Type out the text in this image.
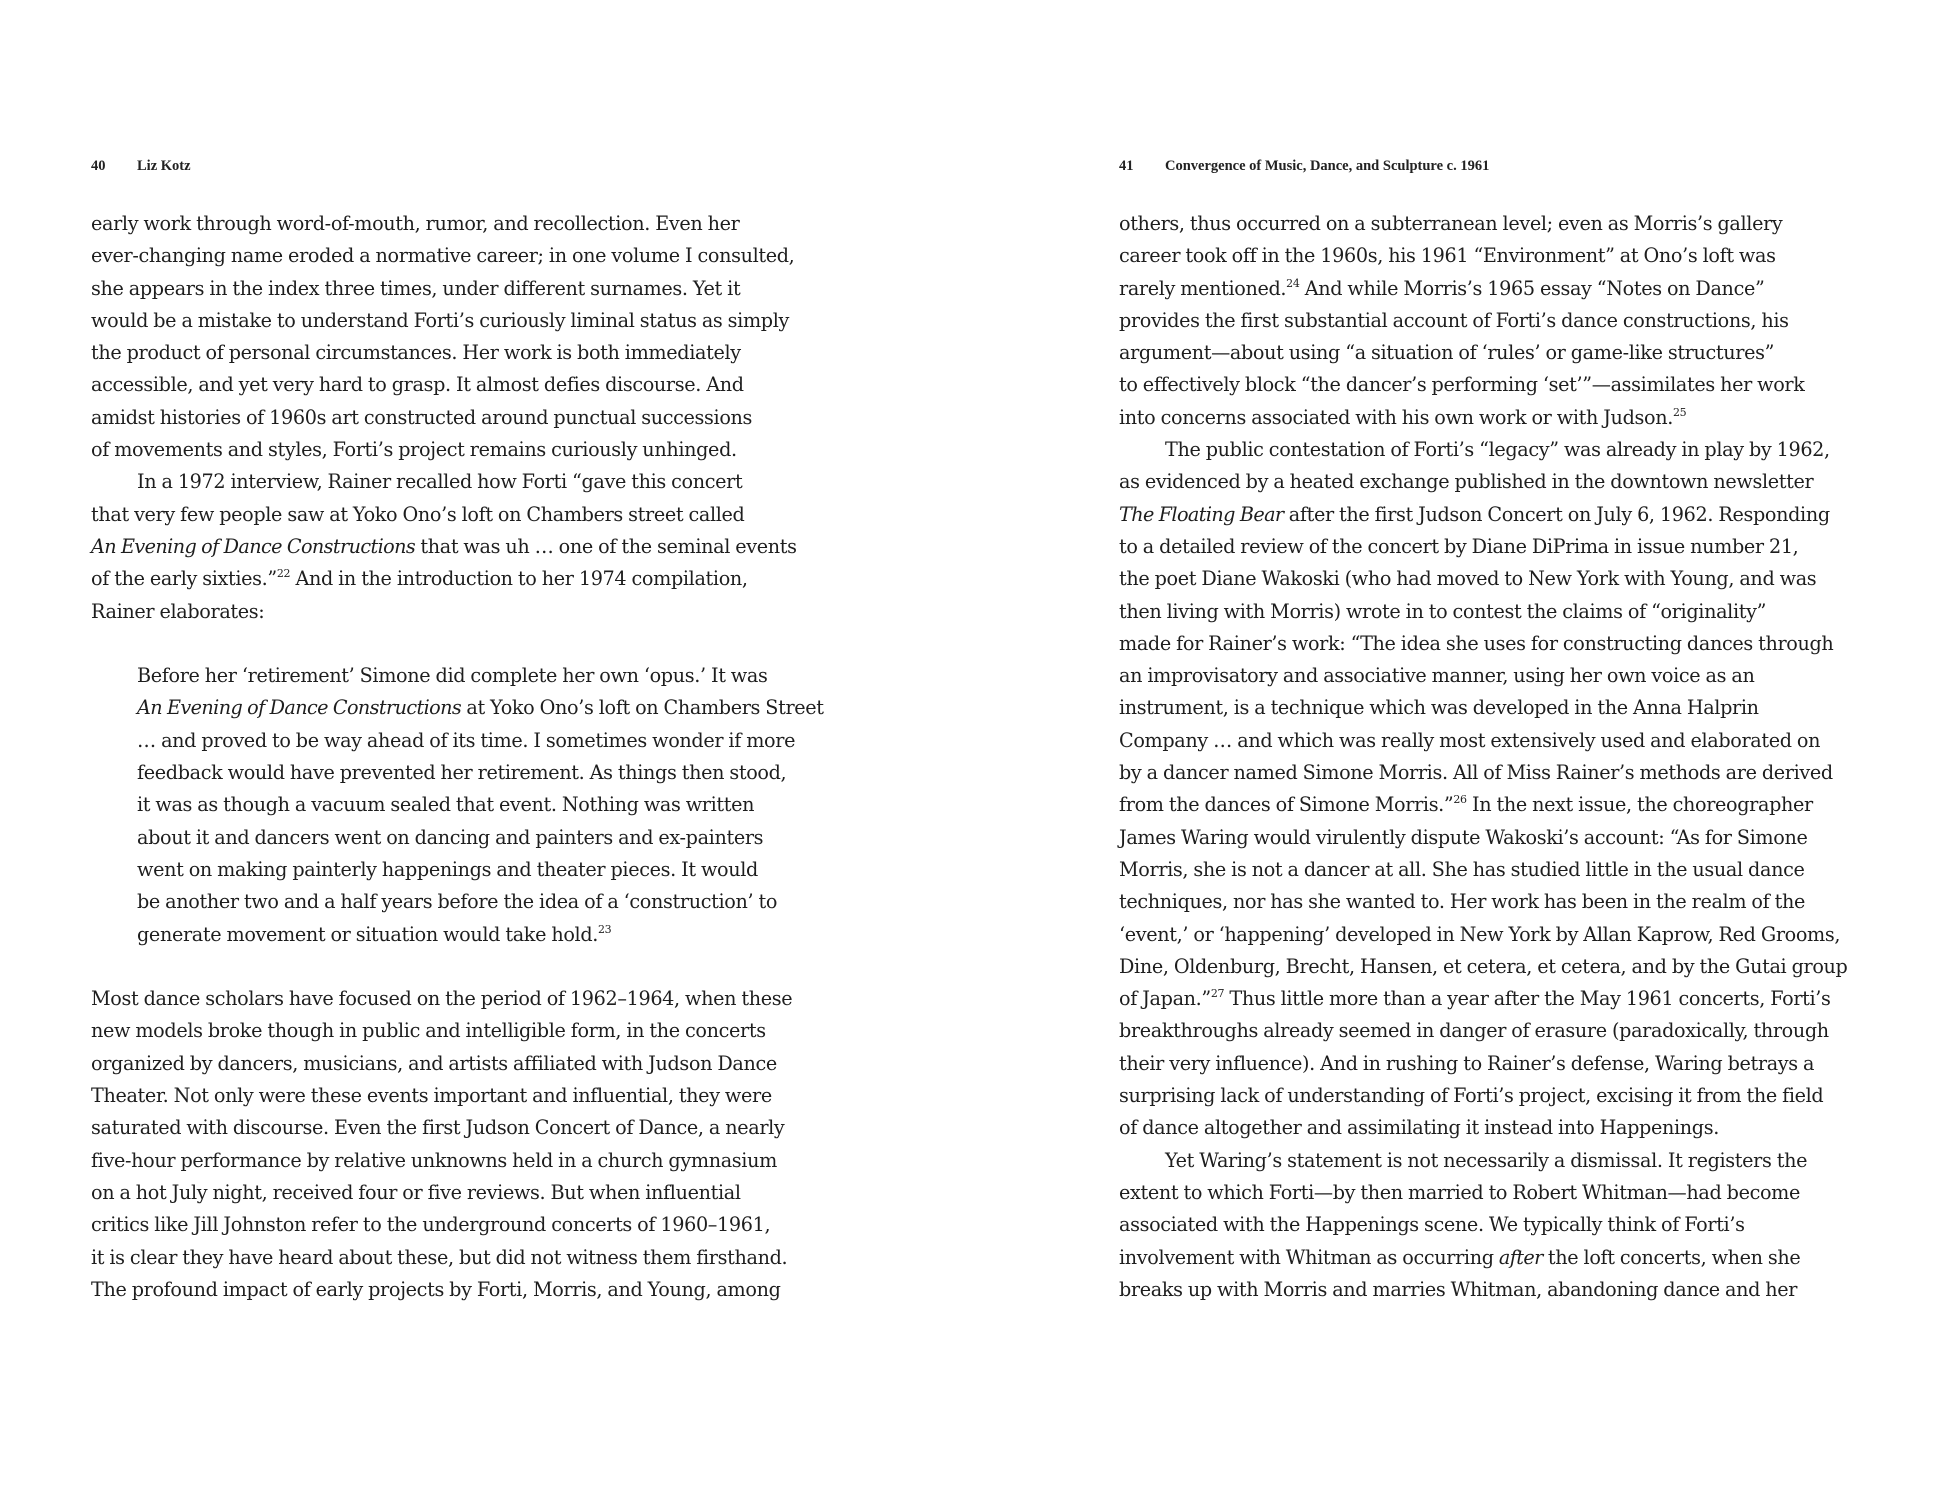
40 Liz Kotz
early work through word-of-mouth, rumor, and recollection. Even her
ever-changing name eroded a normative career; in one volume I consulted,
she appears in the index three times, under different surnames. Yet it
would be a mistake to understand Forti’s curiously liminal status as simply
the product of personal circumstances. Her work is both immediately
accessible, and yet very hard to grasp. It almost defies discourse. And
amidst histories of 1960s art constructed around punctual successions
of movements and styles, Forti’s project remains curiously unhinged.
In a 1972 interview, Rainer recalled how Forti “gave this concert
that very few people saw at Yoko Ono’s loft on Chambers street called
An Evening of Dance Constructions that was uh … one of the seminal events
of the early sixties.”$^{22}$ And in the introduction to her 1974 compilation,
Rainer elaborates:
Before her ‘retirement’ Simone did complete her own ‘opus.’ It was
An Evening of Dance Constructions at Yoko Ono’s loft on Chambers Street
… and proved to be way ahead of its time. I sometimes wonder if more
feedback would have prevented her retirement. As things then stood,
it was as though a vacuum sealed that event. Nothing was written
about it and dancers went on dancing and painters and ex-painters
went on making painterly happenings and theater pieces. It would
be another two and a half years before the idea of a ‘construction’ to
generate movement or situation would take hold.$^{23}$
Most dance scholars have focused on the period of 1962–1964, when these
new models broke though in public and intelligible form, in the concerts
organized by dancers, musicians, and artists affiliated with Judson Dance
Theater. Not only were these events important and influential, they were
saturated with discourse. Even the first Judson Concert of Dance, a nearly
five-hour performance by relative unknowns held in a church gymnasium
on a hot July night, received four or five reviews. But when influential
critics like Jill Johnston refer to the underground concerts of 1960–1961,
it is clear they have heard about these, but did not witness them firsthand.
The profound impact of early projects by Forti, Morris, and Young, among
41 Convergence of Music, Dance, and Sculpture c. 1961
others, thus occurred on a subterranean level; even as Morris’s gallery
career took off in the 1960s, his 1961 “Environment” at Ono’s loft was
rarely mentioned.$^{24}$ And while Morris’s 1965 essay “Notes on Dance”
provides the first substantial account of Forti’s dance constructions, his
argument—about using “a situation of ‘rules’ or game-like structures”
to effectively block “the dancer’s performing ‘set’”—assimilates her work
into concerns associated with his own work or with Judson.$^{25}$
The public contestation of Forti’s “legacy” was already in play by 1962,
as evidenced by a heated exchange published in the downtown newsletter
The Floating Bear after the first Judson Concert on July 6, 1962. Responding
to a detailed review of the concert by Diane DiPrima in issue number 21,
the poet Diane Wakoski (who had moved to New York with Young, and was
then living with Morris) wrote in to contest the claims of “originality”
made for Rainer’s work: “The idea she uses for constructing dances through
an improvisatory and associative manner, using her own voice as an
instrument, is a technique which was developed in the Anna Halprin
Company … and which was really most extensively used and elaborated on
by a dancer named Simone Morris. All of Miss Rainer’s methods are derived
from the dances of Simone Morris.”$^{26}$ In the next issue, the choreographer
James Waring would virulently dispute Wakoski’s account: “As for Simone
Morris, she is not a dancer at all. She has studied little in the usual dance
techniques, nor has she wanted to. Her work has been in the realm of the
‘event,’ or ‘happening’ developed in New York by Allan Kaprow, Red Grooms,
Dine, Oldenburg, Brecht, Hansen, et cetera, et cetera, and by the Gutai group
of Japan.”$^{27}$ Thus little more than a year after the May 1961 concerts, Forti’s
breakthroughs already seemed in danger of erasure (paradoxically, through
their very influence). And in rushing to Rainer’s defense, Waring betrays a
surprising lack of understanding of Forti’s project, excising it from the field
of dance altogether and assimilating it instead into Happenings.
Yet Waring’s statement is not necessarily a dismissal. It registers the
extent to which Forti—by then married to Robert Whitman—had become
associated with the Happenings scene. We typically think of Forti’s
involvement with Whitman as occurring after the loft concerts, when she
breaks up with Morris and marries Whitman, abandoning dance and her
